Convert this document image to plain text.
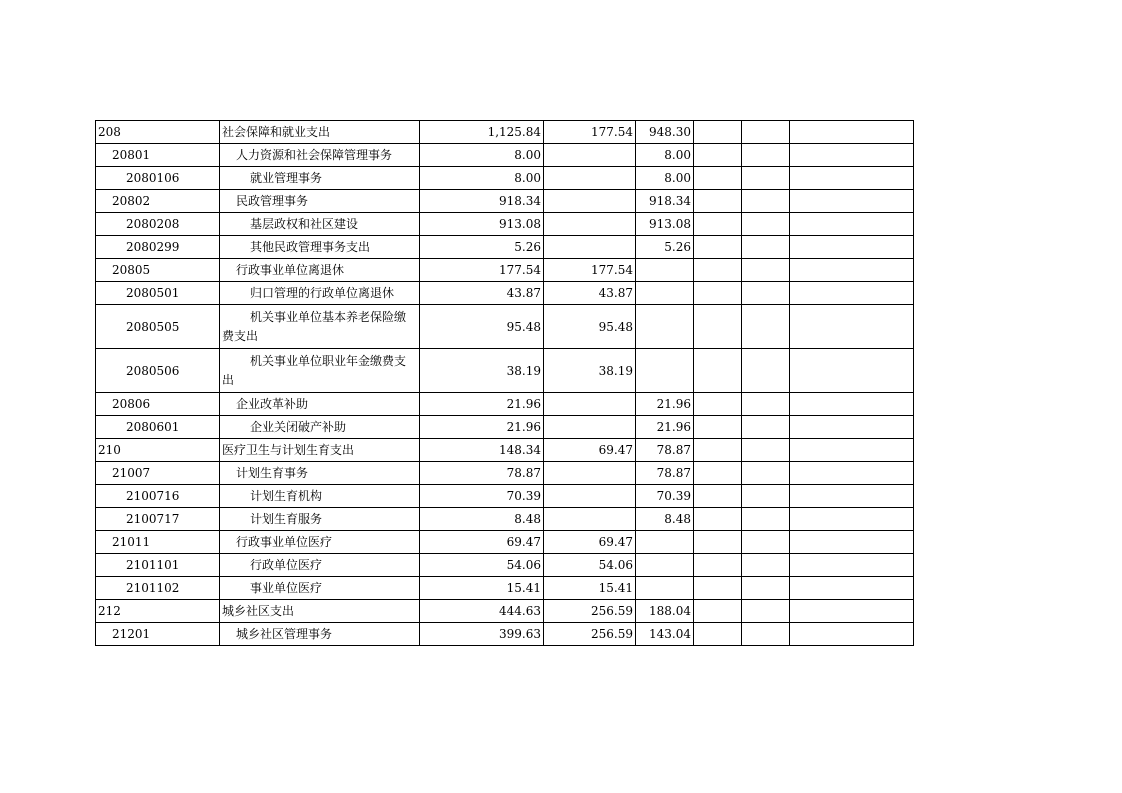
208	社会保障和就业支出	1,125.84	177.54	948.30			
20801	人力资源和社会保障管理事务	8.00		8.00			
2080106	就业管理事务	8.00		8.00			
20802	民政管理事务	918.34		918.34			
2080208	基层政权和社区建设	913.08		913.08			
2080299	其他民政管理事务支出	5.26		5.26			
20805	行政事业单位离退休	177.54	177.54				
2080501	归口管理的行政单位离退休	43.87	43.87				
2080505	机关事业单位基本养老保险缴费支出	95.48	95.48				
2080506	机关事业单位职业年金缴费支出	38.19	38.19				
20806	企业改革补助	21.96		21.96			
2080601	企业关闭破产补助	21.96		21.96			
210	医疗卫生与计划生育支出	148.34	69.47	78.87			
21007	计划生育事务	78.87		78.87			
2100716	计划生育机构	70.39		70.39			
2100717	计划生育服务	8.48		8.48			
21011	行政事业单位医疗	69.47	69.47				
2101101	行政单位医疗	54.06	54.06				
2101102	事业单位医疗	15.41	15.41				
212	城乡社区支出	444.63	256.59	188.04			
21201	城乡社区管理事务	399.63	256.59	143.04			
